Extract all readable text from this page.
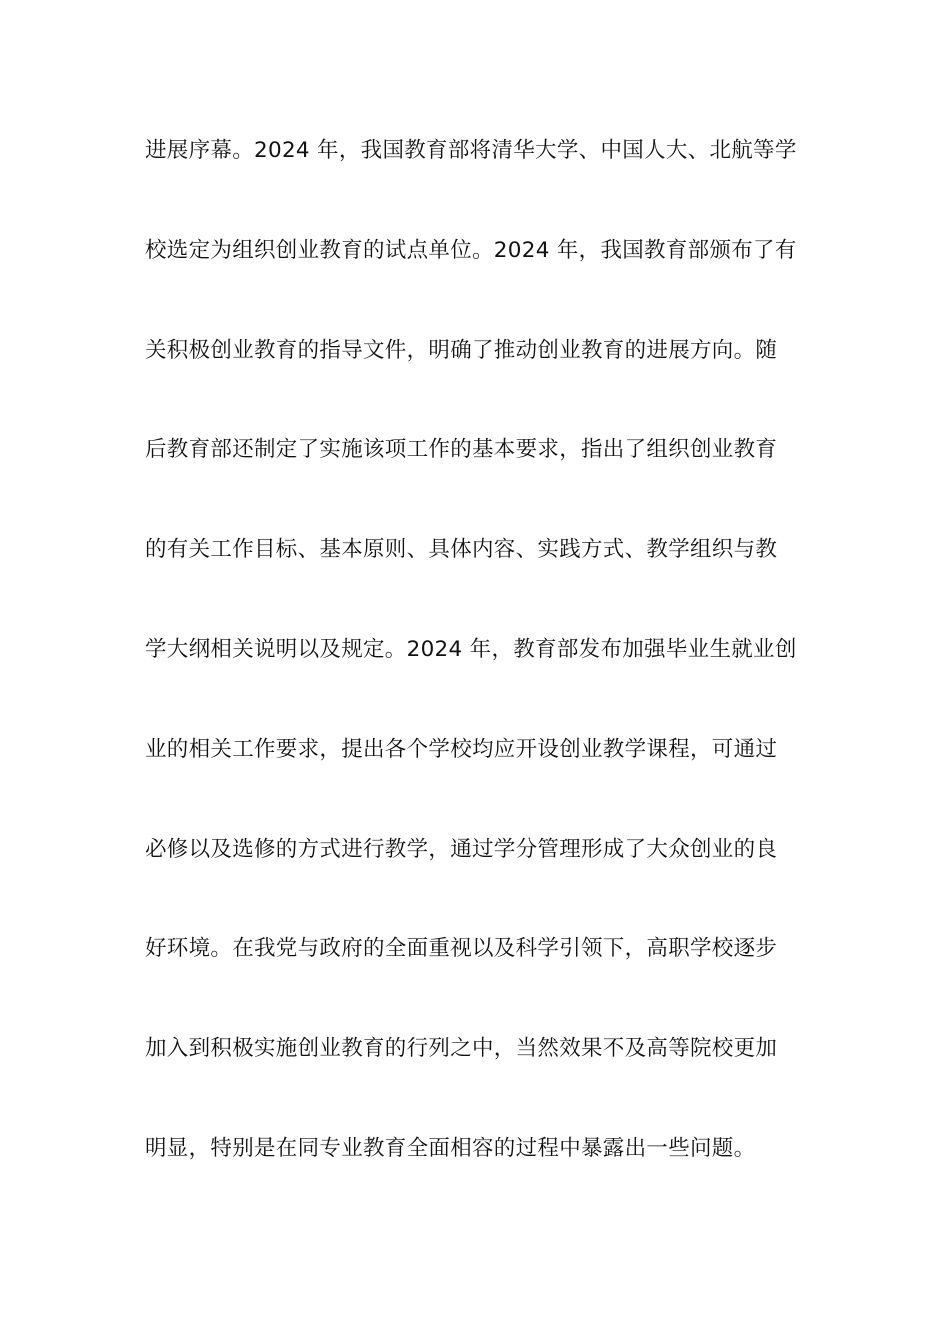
进展序幕。2024 年，我国教育部将清华大学、中国人大、北航等学
校选定为组织创业教育的试点单位。2024 年，我国教育部颁布了有
关积极创业教育的指导文件，明确了推动创业教育的进展方向。随
后教育部还制定了实施该项工作的基本要求，指出了组织创业教育
的有关工作目标、基本原则、具体内容、实践方式、教学组织与教
学大纲相关说明以及规定。2024 年，教育部发布加强毕业生就业创
业的相关工作要求，提出各个学校均应开设创业教学课程，可通过
必修以及选修的方式进行教学，通过学分管理形成了大众创业的良
好环境。在我党与政府的全面重视以及科学引领下，高职学校逐步
加入到积极实施创业教育的行列之中，当然效果不及高等院校更加
明显，特别是在同专业教育全面相容的过程中暴露出一些问题。
